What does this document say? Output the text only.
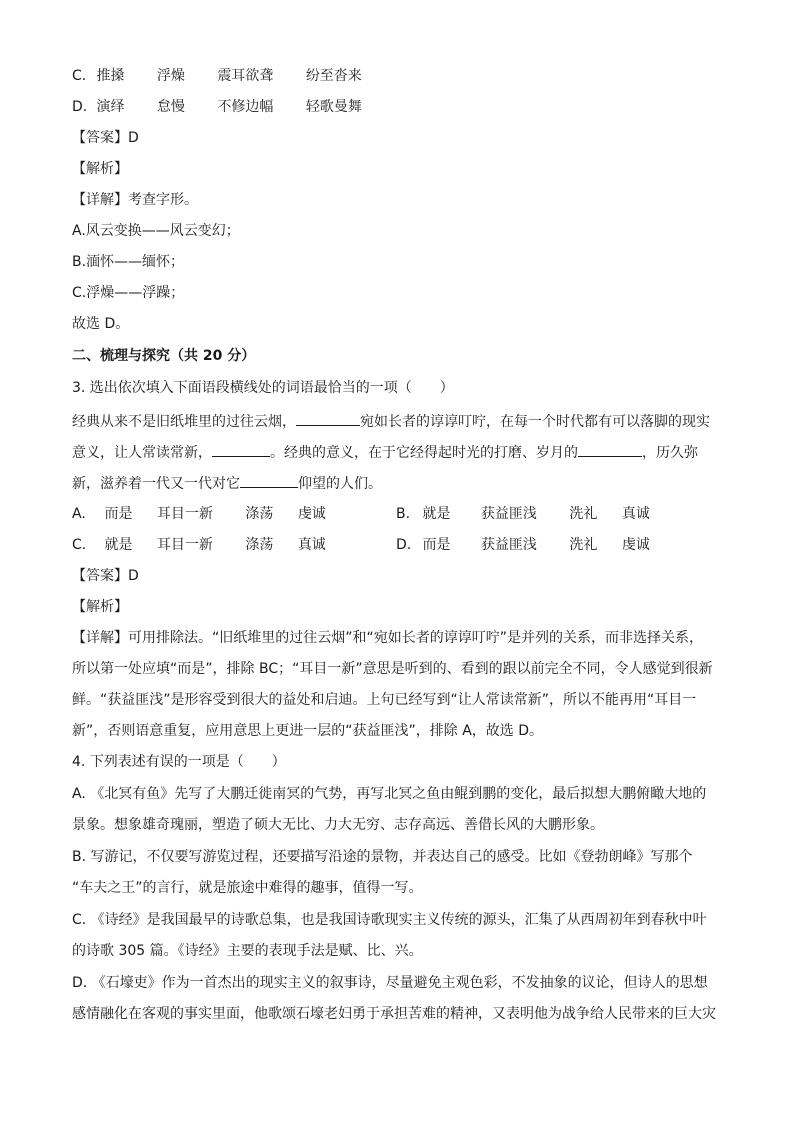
C. 推搡 浮燥 震耳欲聋 纷至沓来
D. 演绎 怠慢 不修边幅 轻歌曼舞
【答案】D
【解析】
【详解】考查字形。
A.风云变换——风云变幻；
B.湎怀——缅怀；
C.浮燥——浮躁；
故选 D。
二、梳理与探究（共 20 分）
3. 选出依次填入下面语段横线处的词语最恰当的一项（　　）
经典从来不是旧纸堆里的过往云烟，	宛如长者的谆谆叮咛，在每一个时代都有可以落脚的现实
意义，让人常读常新，	。经典的意义，在于它经得起时光的打磨、岁月的	，历久弥
新，滋养着一代又一代对它	仰望的人们。
A. 而是 耳目一新 涤荡 虔诚	B. 就是 获益匪浅 洗礼 真诚
C. 就是 耳目一新 涤荡 真诚	D. 而是 获益匪浅 洗礼 虔诚
【答案】D
【解析】
【详解】可用排除法。“旧纸堆里的过往云烟”和“宛如长者的谆谆叮咛”是并列的关系，而非选择关系，
所以第一处应填“而是”，排除 BC；“耳目一新”意思是听到的、看到的跟以前完全不同，令人感觉到很新
鲜。“获益匪浅”是形容受到很大的益处和启迪。上句已经写到“让人常读常新”，所以不能再用“耳目一
新”，否则语意重复，应用意思上更进一层的“获益匪浅”，排除 A，故选 D。
4. 下列表述有误的一项是（　　）
A. 《北冥有鱼》先写了大鹏迁徙南冥的气势，再写北冥之鱼由鲲到鹏的变化，最后拟想大鹏俯瞰大地的
景象。想象雄奇瑰丽，塑造了硕大无比、力大无穷、志存高远、善借长风的大鹏形象。
B. 写游记，不仅要写游览过程，还要描写沿途的景物，并表达自己的感受。比如《登勃朗峰》写那个
“车夫之王”的言行，就是旅途中难得的趣事，值得一写。
C. 《诗经》是我国最早的诗歌总集，也是我国诗歌现实主义传统的源头，汇集了从西周初年到春秋中叶
的诗歌 305 篇。《诗经》主要的表现手法是赋、比、兴。
D. 《石壕吏》作为一首杰出的现实主义的叙事诗，尽量避免主观色彩，不发抽象的议论，但诗人的思想
感情融化在客观的事实里面，他歌颂石壕老妇勇于承担苦难的精神，又表明他为战争给人民带来的巨大灾
